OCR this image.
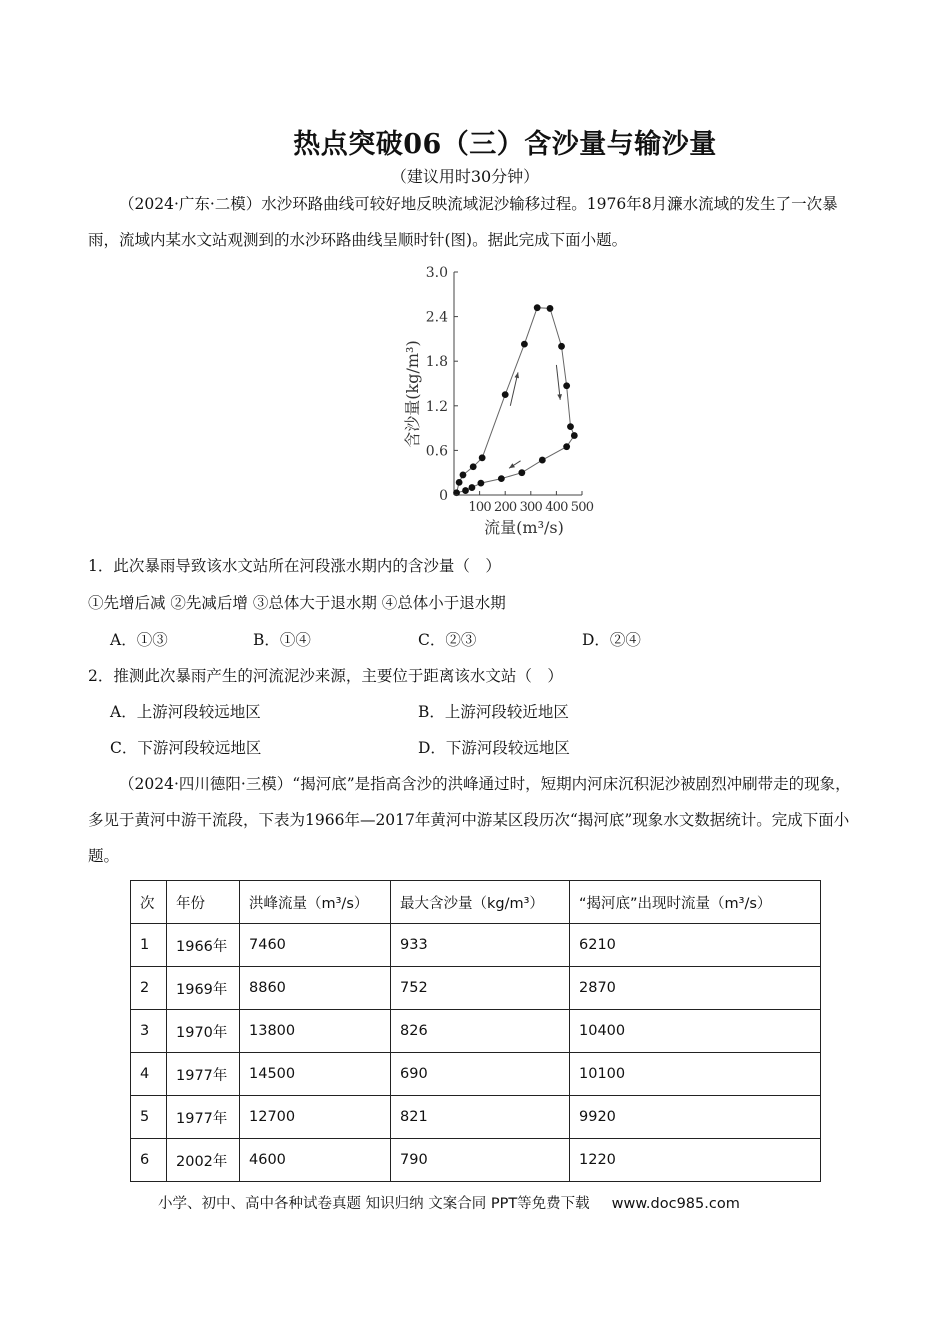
热点突破06（三）含沙量与输沙量
（建议用时30分钟）
（2024·广东·二模）水沙环路曲线可较好地反映流域泥沙输移过程。1976年8月濂水流域的发生了一次暴雨，流域内某水文站观测到的水沙环路曲线呈顺时针(图)。据此完成下面小题。
0
0.6
1.2
1.8
2.4
3.0
100 200 300 400 500
流量(m³/s)
含沙量(kg/m³)
1．此次暴雨导致该水文站所在河段涨水期内的含沙量（　）
①先增后减 ②先减后增 ③总体大于退水期 ④总体小于退水期
A．①③	B．①④	C．②③	D．②④
2．推测此次暴雨产生的河流泥沙来源，主要位于距离该水文站（　）
A．上游河段较远地区	B．上游河段较近地区
C．下游河段较远地区	D．下游河段较远地区
（2024·四川德阳·三模）“揭河底”是指高含沙的洪峰通过时，短期内河床沉积泥沙被剧烈冲刷带走的现象，多见于黄河中游干流段，下表为1966年—2017年黄河中游某区段历次“揭河底”现象水文数据统计。完成下面小题。
次	年份	洪峰流量（m³/s）	最大含沙量（kg/m³）	“揭河底”出现时流量（m³/s）
1	1966年	7460	933	6210
2	1969年	8860	752	2870
3	1970年	13800	826	10400
4	1977年	14500	690	10100
5	1977年	12700	821	9920
6	2002年	4600	790	1220
小学、初中、高中各种试卷真题 知识归纳 文案合同 PPT等免费下载 www.doc985.com
